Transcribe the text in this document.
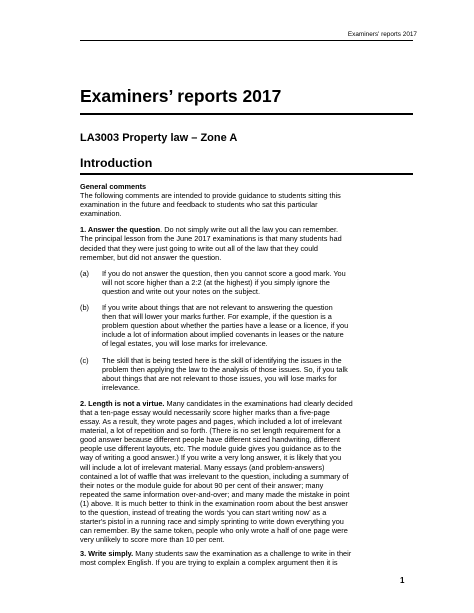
Examiners' reports 2017
Examiners’ reports 2017
LA3003 Property law – Zone A
Introduction
General comments
The following comments are intended to provide guidance to students sitting this
examination in the future and feedback to students who sat this particular
examination.
1. Answer the question. Do not simply write out all the law you can remember.
The principal lesson from the June 2017 examinations is that many students had
decided that they were just going to write out all of the law that they could
remember, but did not answer the question.
(a) If you do not answer the question, then you cannot score a good mark. You
will not score higher than a 2:2 (at the highest) if you simply ignore the
question and write out your notes on the subject.
(b) If you write about things that are not relevant to answering the question
then that will lower your marks further. For example, if the question is a
problem question about whether the parties have a lease or a licence, if you
include a lot of information about implied covenants in leases or the nature
of legal estates, you will lose marks for irrelevance.
(c) The skill that is being tested here is the skill of identifying the issues in the
problem then applying the law to the analysis of those issues. So, if you talk
about things that are not relevant to those issues, you will lose marks for
irrelevance.
2. Length is not a virtue. Many candidates in the examinations had clearly decided
that a ten-page essay would necessarily score higher marks than a five-page
essay. As a result, they wrote pages and pages, which included a lot of irrelevant
material, a lot of repetition and so forth. (There is no set length requirement for a
good answer because different people have different sized handwriting, different
people use different layouts, etc. The module guide gives you guidance as to the
way of writing a good answer.) If you write a very long answer, it is likely that you
will include a lot of irrelevant material. Many essays (and problem-answers)
contained a lot of waffle that was irrelevant to the question, including a summary of
their notes or the module guide for about 90 per cent of their answer; many
repeated the same information over-and-over; and many made the mistake in point
(1) above. It is much better to think in the examination room about the best answer
to the question, instead of treating the words ‘you can start writing now’ as a
starter's pistol in a running race and simply sprinting to write down everything you
can remember. By the same token, people who only wrote a half of one page were
very unlikely to score more than 10 per cent.
3. Write simply. Many students saw the examination as a challenge to write in their
most complex English. If you are trying to explain a complex argument then it is
1
